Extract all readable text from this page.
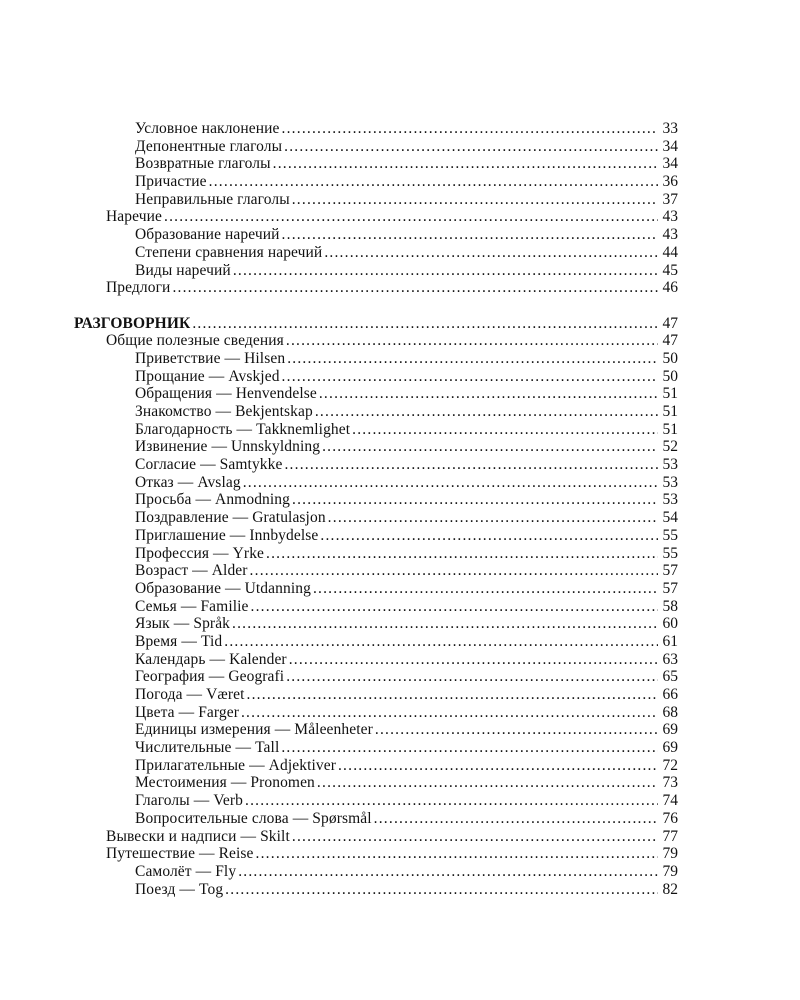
Условное наклонение .....	33
Депонентные глаголы .....	34
Возвратные глаголы .....	34
Причастие .....	36
Неправильные глаголы .....	37
Наречие .....	43
Образование наречий .....	43
Степени сравнения наречий .....	44
Виды наречий .....	45
Предлоги .....	46
РАЗГОВОРНИК .....	47
Общие полезные сведения .....	47
Приветствие — Hilsen .....	50
Прощание — Avskjed .....	50
Обращения — Henvendelse .....	51
Знакомство — Bekjentskap .....	51
Благодарность — Takknemlighet .....	51
Извинение — Unnskyldning .....	52
Согласие — Samtykke .....	53
Отказ — Avslag .....	53
Просьба — Anmodning .....	53
Поздравление — Gratulasjon .....	54
Приглашение — Innbydelse .....	55
Профессия — Yrke .....	55
Возраст — Alder .....	57
Образование — Utdanning .....	57
Семья — Familie .....	58
Язык — Språk .....	60
Время — Tid .....	61
Календарь — Kalender .....	63
География — Geografi .....	65
Погода — Været .....	66
Цвета — Farger .....	68
Единицы измерения — Måleenheter .....	69
Числительные — Tall .....	69
Прилагательные — Adjektiver .....	72
Местоимения — Pronomen .....	73
Глаголы — Verb .....	74
Вопросительные слова — Spørsmål .....	76
Вывески и надписи — Skilt .....	77
Путешествие — Reise .....	79
Самолёт — Fly .....	79
Поезд — Tog .....	82
